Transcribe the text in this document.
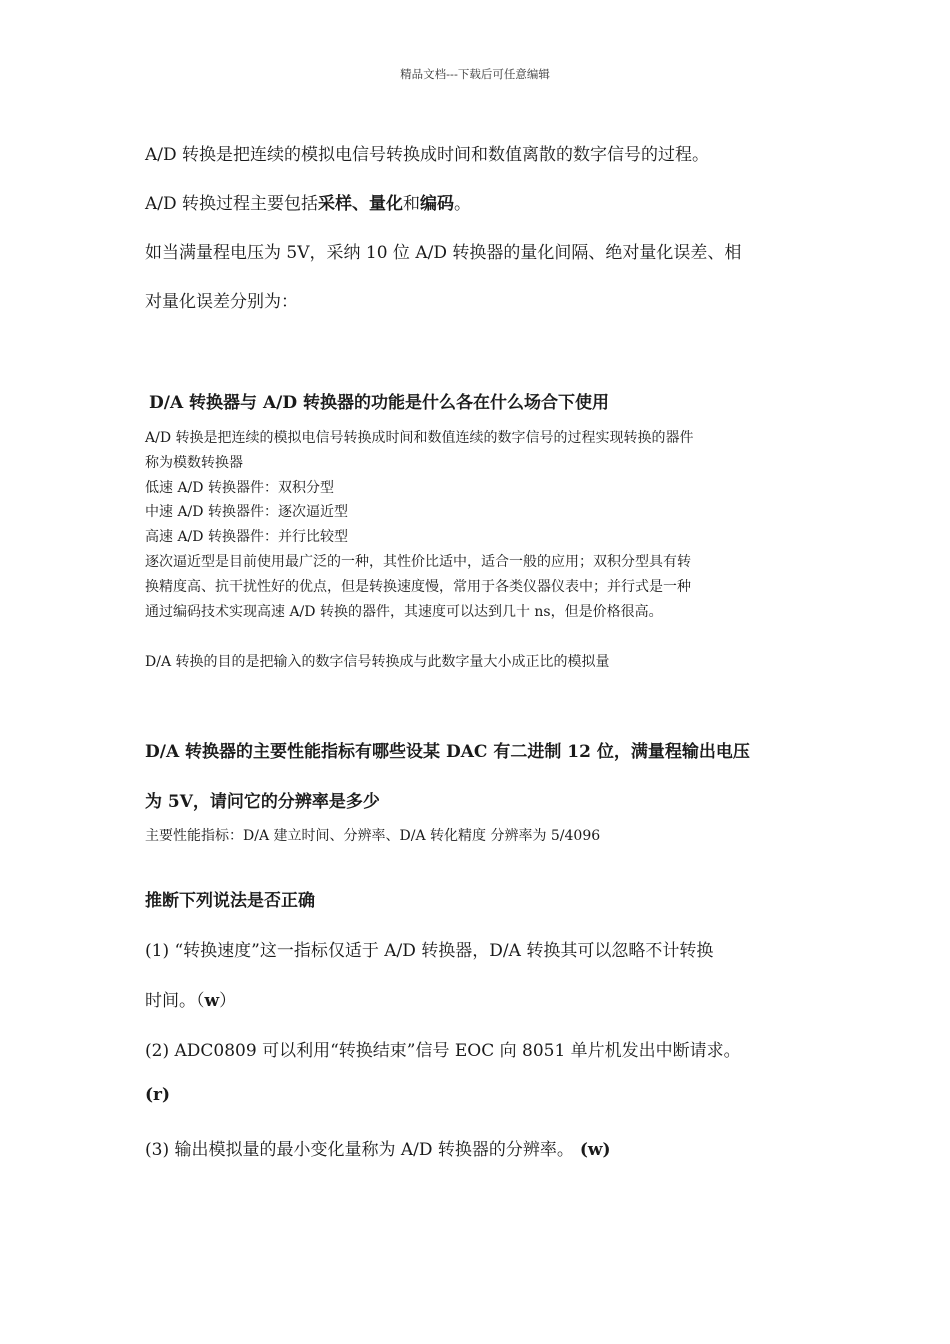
精品文档---下载后可任意编辑
A/D 转换是把连续的模拟电信号转换成时间和数值离散的数字信号的过程。
A/D 转换过程主要包括采样、量化和编码。
如当满量程电压为 5V，采纳 10 位 A/D 转换器的量化间隔、绝对量化误差、相
对量化误差分别为：
D/A 转换器与 A/D 转换器的功能是什么各在什么场合下使用
A/D 转换是把连续的模拟电信号转换成时间和数值连续的数字信号的过程实现转换的器件
称为模数转换器
低速 A/D 转换器件：双积分型
中速 A/D 转换器件：逐次逼近型
高速 A/D 转换器件：并行比较型
逐次逼近型是目前使用最广泛的一种，其性价比适中，适合一般的应用；双积分型具有转
换精度高、抗干扰性好的优点，但是转换速度慢，常用于各类仪器仪表中；并行式是一种
通过编码技术实现高速 A/D 转换的器件，其速度可以达到几十 ns，但是价格很高。
D/A 转换的目的是把输入的数字信号转换成与此数字量大小成正比的模拟量
D/A 转换器的主要性能指标有哪些设某 DAC 有二进制 12 位，满量程输出电压
为 5V，请问它的分辨率是多少
主要性能指标：D/A 建立时间、分辨率、D/A 转化精度 分辨率为 5/4096
推断下列说法是否正确
(1) “转换速度”这一指标仅适于 A/D 转换器，D/A 转换其可以忽略不计转换
时间。（w）
(2) ADC0809 可以利用“转换结束”信号 EOC 向 8051 单片机发出中断请求。
(r)
(3) 输出模拟量的最小变化量称为 A/D 转换器的分辨率。 (w)
